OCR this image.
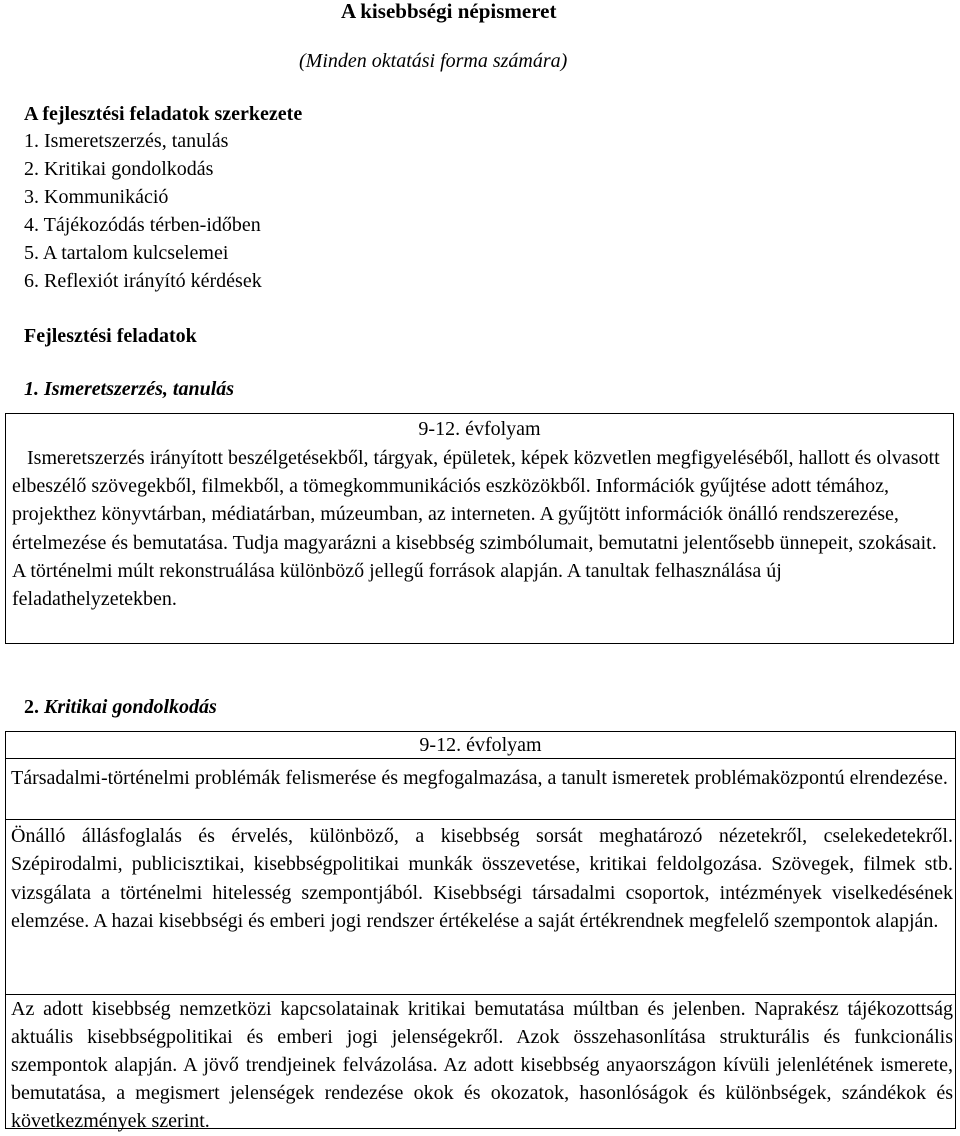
A kisebbségi népismeret
(Minden oktatási forma számára)
A fejlesztési feladatok szerkezete
1. Ismeretszerzés, tanulás
2. Kritikai gondolkodás
3. Kommunikáció
4. Tájékozódás térben-időben
5. A tartalom kulcselemei
6. Reflexiót irányító kérdések
Fejlesztési feladatok
1. Ismeretszerzés, tanulás
9-12. évfolyam

Ismeretszerzés irányított beszélgetésekből, tárgyak, épületek, képek közvetlen megfigyeléséből, hallott és olvasott elbeszélő szövegekből, filmekből, a tömegkommunikációs eszközökből. Információk gyűjtése adott témához, projekthez könyvtárban, médiatárban, múzeumban, az interneten. A gyűjtött információk önálló rendszerezése, értelmezése és bemutatása. Tudja magyarázni a kisebbség szimbólumait, bemutatni jelentősebb ünnepeit, szokásait. A történelmi múlt rekonstruálása különböző jellegű források alapján. A tanultak felhasználása új feladathelyzetekben.

2. Kritikai gondolkodás
9-12. évfolyam

Társadalmi-történelmi problémák felismerése és megfogalmazása, a tanult ismeretek problémaközpontú elrendezése.

Önálló állásfoglalás és érvelés, különböző, a kisebbség sorsát meghatározó nézetekről, cselekedetekről. Szépirodalmi, publicisztikai, kisebbségpolitikai munkák összevetése, kritikai feldolgozása. Szövegek, filmek stb. vizsgálata a történelmi hitelesség szempontjából. Kisebbségi társadalmi csoportok, intézmények viselkedésének elemzése. A hazai kisebbségi és emberi jogi rendszer értékelése a saját értékrendnek megfelelő szempontok alapján.

Az adott kisebbség nemzetközi kapcsolatainak kritikai bemutatása múltban és jelenben. Naprakész tájékozottság aktuális kisebbségpolitikai és emberi jogi jelenségekről. Azok összehasonlítása strukturális és funkcionális szempontok alapján. A jövő trendjeinek felvázolása. Az adott kisebbség anyaországon kívüli jelenlétének ismerete, bemutatása, a megismert jelenségek rendezése okok és okozatok, hasonlóságok és különbségek, szándékok és következmények szerint.
